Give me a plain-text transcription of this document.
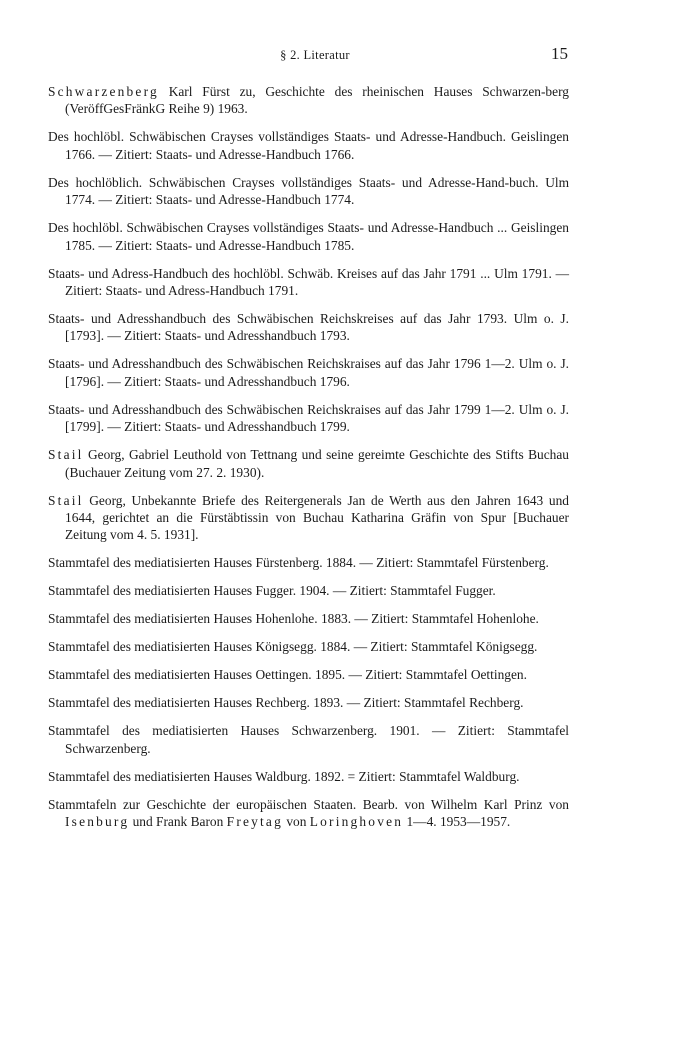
§ 2. Literatur	15

Schwarzenberg Karl Fürst zu, Geschichte des rheinischen Hauses Schwarzen-berg (VeröffGesFränkG Reihe 9) 1963.

Des hochlöbl. Schwäbischen Crayses vollständiges Staats- und Adresse-Handbuch. Geislingen 1766. — Zitiert: Staats- und Adresse-Handbuch 1766.

Des hochlöblich. Schwäbischen Crayses vollständiges Staats- und Adresse-Hand-buch. Ulm 1774. — Zitiert: Staats- und Adresse-Handbuch 1774.

Des hochlöbl. Schwäbischen Crayses vollständiges Staats- und Adresse-Handbuch ... Geislingen 1785. — Zitiert: Staats- und Adresse-Handbuch 1785.

Staats- und Adress-Handbuch des hochlöbl. Schwäb. Kreises auf das Jahr 1791 ... Ulm 1791. — Zitiert: Staats- und Adress-Handbuch 1791.

Staats- und Adresshandbuch des Schwäbischen Reichskreises auf das Jahr 1793. Ulm o. J. [1793]. — Zitiert: Staats- und Adresshandbuch 1793.

Staats- und Adresshandbuch des Schwäbischen Reichskraises auf das Jahr 1796 1—2. Ulm o. J. [1796]. — Zitiert: Staats- und Adresshandbuch 1796.

Staats- und Adresshandbuch des Schwäbischen Reichskraises auf das Jahr 1799 1—2. Ulm o. J. [1799]. — Zitiert: Staats- und Adresshandbuch 1799.

Stail Georg, Gabriel Leuthold von Tettnang und seine gereimte Geschichte des Stifts Buchau (Buchauer Zeitung vom 27. 2. 1930).

Stail Georg, Unbekannte Briefe des Reitergenerals Jan de Werth aus den Jahren 1643 und 1644, gerichtet an die Fürstäbtissin von Buchau Katharina Gräfin von Spur [Buchauer Zeitung vom 4. 5. 1931].

Stammtafel des mediatisierten Hauses Fürstenberg. 1884. — Zitiert: Stammtafel Fürstenberg.

Stammtafel des mediatisierten Hauses Fugger. 1904. — Zitiert: Stammtafel Fugger.

Stammtafel des mediatisierten Hauses Hohenlohe. 1883. — Zitiert: Stammtafel Hohenlohe.

Stammtafel des mediatisierten Hauses Königsegg. 1884. — Zitiert: Stammtafel Königsegg.

Stammtafel des mediatisierten Hauses Oettingen. 1895. — Zitiert: Stammtafel Oettingen.

Stammtafel des mediatisierten Hauses Rechberg. 1893. — Zitiert: Stammtafel Rechberg.

Stammtafel des mediatisierten Hauses Schwarzenberg. 1901. — Zitiert: Stammtafel Schwarzenberg.

Stammtafel des mediatisierten Hauses Waldburg. 1892. = Zitiert: Stammtafel Waldburg.

Stammtafeln zur Geschichte der europäischen Staaten. Bearb. von Wilhelm Karl Prinz von Isenburg und Frank Baron Freytag von Loringhoven 1—4. 1953—1957.
